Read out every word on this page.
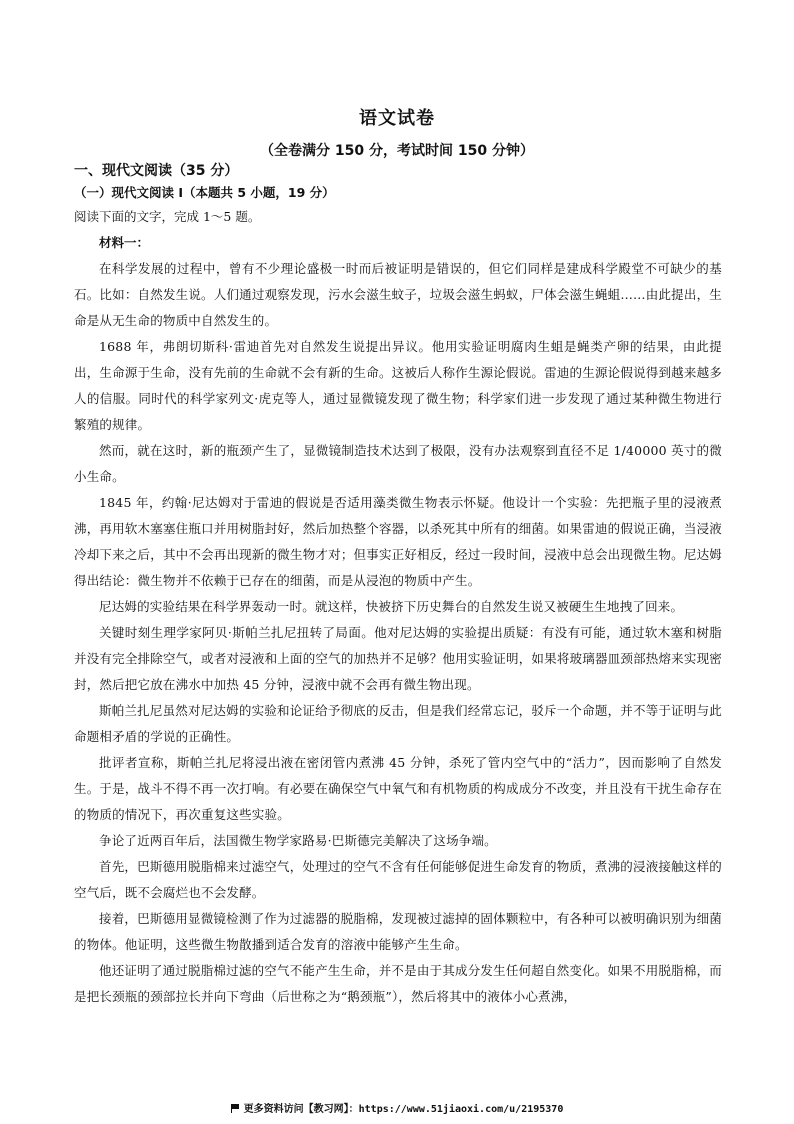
语文试卷
（全卷满分 150 分，考试时间 150 分钟）

一、现代文阅读（35 分）

（一）现代文阅读 I（本题共 5 小题，19 分）

阅读下面的文字，完成 1～5 题。

材料一：

在科学发展的过程中，曾有不少理论盛极一时而后被证明是错误的，但它们同样是建成科学殿堂不可缺少的基石。比如：自然发生说。人们通过观察发现，污水会滋生蚊子，垃圾会滋生蚂蚁，尸体会滋生蝇蛆……由此提出，生命是从无生命的物质中自然发生的。

1688 年，弗朗切斯科·雷迪首先对自然发生说提出异议。他用实验证明腐肉生蛆是蝇类产卵的结果，由此提出，生命源于生命，没有先前的生命就不会有新的生命。这被后人称作生源论假说。雷迪的生源论假说得到越来越多人的信服。同时代的科学家列文·虎克等人，通过显微镜发现了微生物；科学家们进一步发现了通过某种微生物进行繁殖的规律。

然而，就在这时，新的瓶颈产生了，显微镜制造技术达到了极限，没有办法观察到直径不足 1/40000 英寸的微小生命。

1845 年，约翰·尼达姆对于雷迪的假说是否适用藻类微生物表示怀疑。他设计一个实验：先把瓶子里的浸液煮沸，再用软木塞塞住瓶口并用树脂封好，然后加热整个容器，以杀死其中所有的细菌。如果雷迪的假说正确，当浸液冷却下来之后，其中不会再出现新的微生物才对；但事实正好相反，经过一段时间，浸液中总会出现微生物。尼达姆得出结论：微生物并不依赖于已存在的细菌，而是从浸泡的物质中产生。

尼达姆的实验结果在科学界轰动一时。就这样，快被挤下历史舞台的自然发生说又被硬生生地拽了回来。

关键时刻生理学家阿贝·斯帕兰扎尼扭转了局面。他对尼达姆的实验提出质疑：有没有可能，通过软木塞和树脂并没有完全排除空气，或者对浸液和上面的空气的加热并不足够？他用实验证明，如果将玻璃器皿颈部热熔来实现密封，然后把它放在沸水中加热 45 分钟，浸液中就不会再有微生物出现。

斯帕兰扎尼虽然对尼达姆的实验和论证给予彻底的反击，但是我们经常忘记，驳斥一个命题，并不等于证明与此命题相矛盾的学说的正确性。

批评者宣称，斯帕兰扎尼将浸出液在密闭管内煮沸 45 分钟，杀死了管内空气中的“活力”，因而影响了自然发生。于是，战斗不得不再一次打响。有必要在确保空气中氧气和有机物质的构成成分不改变，并且没有干扰生命存在的物质的情况下，再次重复这些实验。

争论了近两百年后，法国微生物学家路易·巴斯德完美解决了这场争端。

首先，巴斯德用脱脂棉来过滤空气，处理过的空气不含有任何能够促进生命发育的物质，煮沸的浸液接触这样的空气后，既不会腐烂也不会发酵。

接着，巴斯德用显微镜检测了作为过滤器的脱脂棉，发现被过滤掉的固体颗粒中，有各种可以被明确识别为细菌的物体。他证明，这些微生物散播到适合发育的溶液中能够产生生命。

他还证明了通过脱脂棉过滤的空气不能产生生命，并不是由于其成分发生任何超自然变化。如果不用脱脂棉，而是把长颈瓶的颈部拉长并向下弯曲（后世称之为“鹅颈瓶”），然后将其中的液体小心煮沸，

更多资料访问【教习网】：https://www.51jiaoxi.com/u/2195370
